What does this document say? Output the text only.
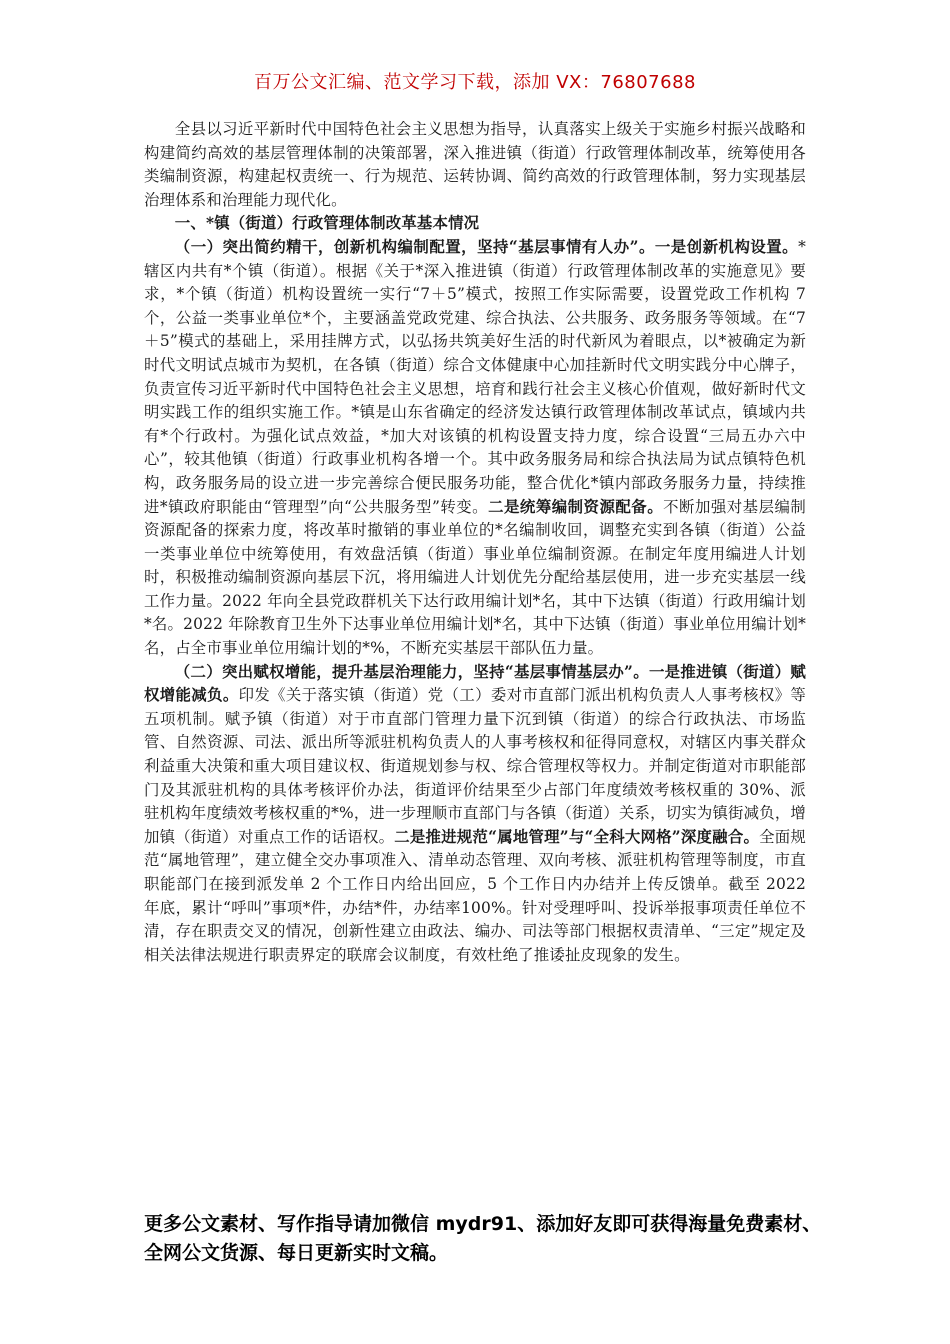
百万公文汇编、范文学习下载，添加 VX：76807688

全县以习近平新时代中国特色社会主义思想为指导，认真落实上级关于实施乡村振兴战略和构建简约高效的基层管理体制的决策部署，深入推进镇（街道）行政管理体制改革，统筹使用各类编制资源，构建起权责统一、行为规范、运转协调、简约高效的行政管理体制，努力实现基层治理体系和治理能力现代化。

一、*镇（街道）行政管理体制改革基本情况

（一）突出简约精干，创新机构编制配置，坚持“基层事情有人办”。一是创新机构设置。*辖区内共有*个镇（街道）。根据《关于*深入推进镇（街道）行政管理体制改革的实施意见》要求，*个镇（街道）机构设置统一实行“7＋5”模式，按照工作实际需要，设置党政工作机构 7 个，公益一类事业单位*个，主要涵盖党政党建、综合执法、公共服务、政务服务等领域。在“7＋5”模式的基础上，采用挂牌方式，以弘扬共筑美好生活的时代新风为着眼点，以*被确定为新时代文明试点城市为契机，在各镇（街道）综合文体健康中心加挂新时代文明实践分中心牌子，负责宣传习近平新时代中国特色社会主义思想，培育和践行社会主义核心价值观，做好新时代文明实践工作的组织实施工作。*镇是山东省确定的经济发达镇行政管理体制改革试点，镇域内共有*个行政村。为强化试点效益，*加大对该镇的机构设置支持力度，综合设置“三局五办六中心”，较其他镇（街道）行政事业机构各增一个。其中政务服务局和综合执法局为试点镇特色机构，政务服务局的设立进一步完善综合便民服务功能，整合优化*镇内部政务服务力量，持续推进*镇政府职能由“管理型”向“公共服务型”转变。二是统筹编制资源配备。不断加强对基层编制资源配备的探索力度，将改革时撤销的事业单位的*名编制收回，调整充实到各镇（街道）公益一类事业单位中统筹使用，有效盘活镇（街道）事业单位编制资源。在制定年度用编进人计划时，积极推动编制资源向基层下沉，将用编进人计划优先分配给基层使用，进一步充实基层一线工作力量。2022 年向全县党政群机关下达行政用编计划*名，其中下达镇（街道）行政用编计划*名。2022 年除教育卫生外下达事业单位用编计划*名，其中下达镇（街道）事业单位用编计划*名，占全市事业单位用编计划的*%，不断充实基层干部队伍力量。

（二）突出赋权增能，提升基层治理能力，坚持“基层事情基层办”。一是推进镇（街道）赋权增能减负。印发《关于落实镇（街道）党（工）委对市直部门派出机构负责人人事考核权》等五项机制。赋予镇（街道）对于市直部门管理力量下沉到镇（街道）的综合行政执法、市场监管、自然资源、司法、派出所等派驻机构负责人的人事考核权和征得同意权，对辖区内事关群众利益重大决策和重大项目建议权、街道规划参与权、综合管理权等权力。并制定街道对市职能部门及其派驻机构的具体考核评价办法，街道评价结果至少占部门年度绩效考核权重的 30%、派驻机构年度绩效考核权重的*%，进一步理顺市直部门与各镇（街道）关系，切实为镇街减负，增加镇（街道）对重点工作的话语权。二是推进规范“属地管理”与“全科大网格”深度融合。全面规范“属地管理”，建立健全交办事项准入、清单动态管理、双向考核、派驻机构管理等制度，市直职能部门在接到派发单 2 个工作日内给出回应，5 个工作日内办结并上传反馈单。截至 2022 年底，累计“呼叫”事项*件，办结*件，办结率100%。针对受理呼叫、投诉举报事项责任单位不清，存在职责交叉的情况，创新性建立由政法、编办、司法等部门根据权责清单、“三定”规定及相关法律法规进行职责界定的联席会议制度，有效杜绝了推诿扯皮现象的发生。

更多公文素材、写作指导请加微信 mydr91、添加好友即可获得海量免费素材、全网公文货源、每日更新实时文稿。
